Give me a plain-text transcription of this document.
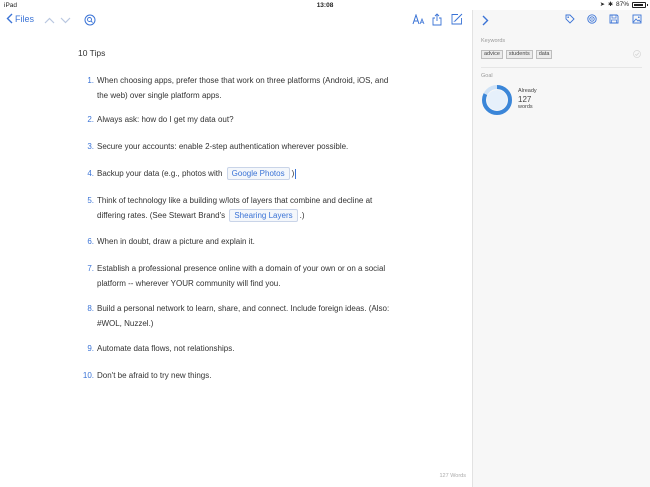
iPad	13:08	➤ ✱ 87%
Files
10 Tips
1. When choosing apps, prefer those that work on three platforms (Android, iOS, and the web) over single platform apps.
2. Always ask: how do I get my data out?
3. Secure your accounts: enable 2-step authentication wherever possible.
4. Backup your data (e.g., photos with Google Photos )
5. Think of technology like a building w/lots of layers that combine and decline at differing rates. (See Stewart Brand's Shearing Layers .)
6. When in doubt, draw a picture and explain it.
7. Establish a professional presence online with a domain of your own or on a social platform -- wherever YOUR community will find you.
8. Build a personal network to learn, share, and connect. Include foreign ideas. (Also: #WOL, Nuzzel.)
9. Automate data flows, not relationships.
10. Don't be afraid to try new things.
127 Words
Keywords
advice	students	data
Goal
Already
127
words
